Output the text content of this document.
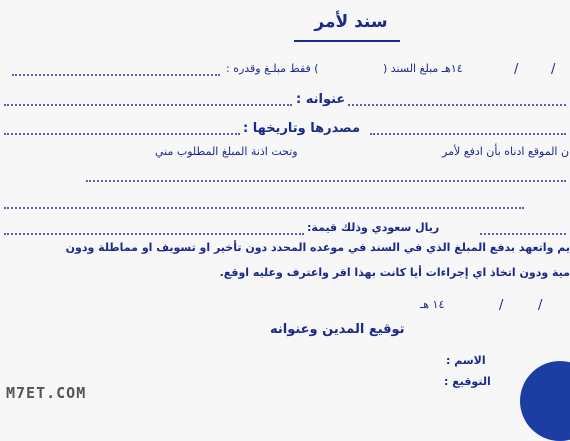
سند لأمر
/
/
١٤هـ مبلغ السند (
) فقط مبلـغ وقدره :
عنوانه :
مصدرها وتاريخها :
ن الموقع ادناه بأن ادفع لأمر
وتحت اذنة المبلغ المطلوب مني
ريال سعودي وذلك قيمة:
يم واتعهد بدفع المبلغ الذي في السند في موعده المحدد دون تأخير او تسويف او مماطلة ودون
مية ودون اتخاذ اي إجراءات أيا كانت بهذا اقر واعترف وعليه اوقع.
/
/
١٤ هـ
توقيع المدين وعنوانه
الاسم :
التوقيع :
M7ET.COM
